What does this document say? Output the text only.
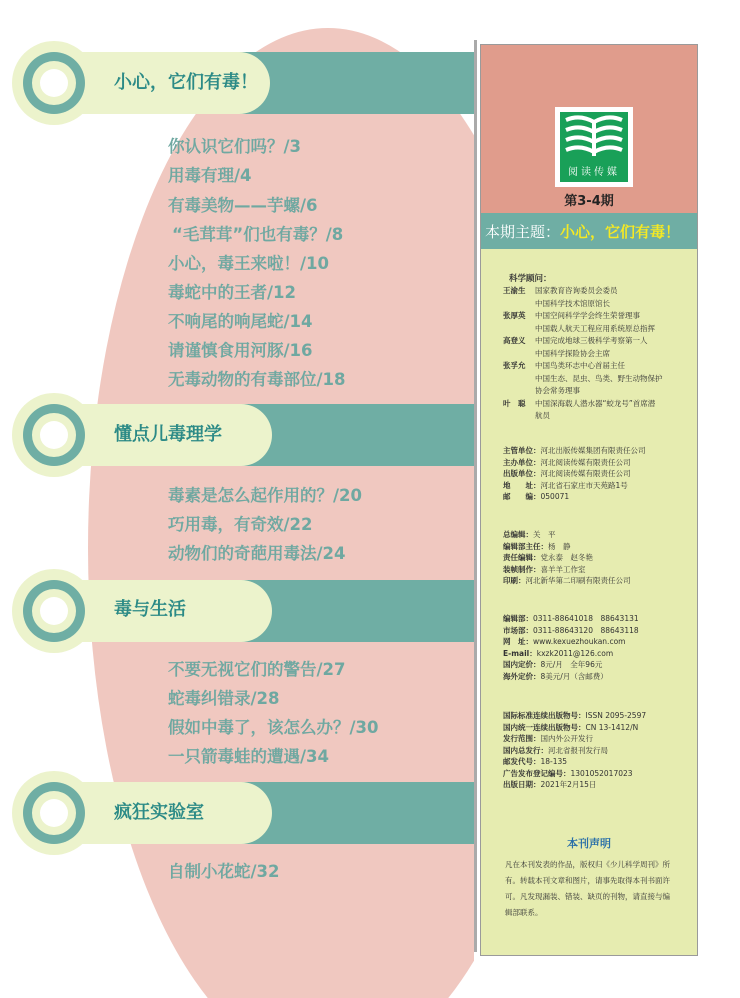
小心，它们有毒！
你认识它们吗？/3
用毒有理/4
有毒美物——芋螺/6
“毛茸茸”们也有毒？/8
小心，毒王来啦！/10
毒蛇中的王者/12
不响尾的响尾蛇/14
请谨慎食用河豚/16
无毒动物的有毒部位/18
懂点儿毒理学
毒素是怎么起作用的？/20
巧用毒，有奇效/22
动物们的奇葩用毒法/24
毒与生活
不要无视它们的警告/27
蛇毒纠错录/28
假如中毒了，该怎么办？/30
一只箭毒蛙的遭遇/34
疯狂实验室
自制小花蛇/32
阅读传媒
第3-4期
本期主题：小心，它们有毒！
科学顾问：
王渝生 国家教育咨询委员会委员
中国科学技术馆原馆长
张厚英 中国空间科学学会终生荣誉理事
中国载人航天工程应用系统原总指挥
高登义 中国完成地球三极科学考察第一人
中国科学探险协会主席
张孚允 中国鸟类环志中心首届主任
中国生态、昆虫、鸟类、野生动物保护
协会常务理事
叶　聪 中国深海载人潜水器“蛟龙号”首席潜
航员
主管单位：河北出版传媒集团有限责任公司
主办单位：河北阅读传媒有限责任公司
出版单位：河北阅读传媒有限责任公司
地　　址：河北省石家庄市天苑路1号
邮　　编：050071
总编辑：关　平
编辑部主任：杨　静
责任编辑：党永泰　赵冬艳
装帧制作：喜羊羊工作室
印刷：河北新华第二印刷有限责任公司
编辑部：0311-88641018　88643131
市场部：0311-88643120　88643118
网　址：www.kexuezhoukan.com
E-mail：kxzk2011@126.com
国内定价：8元/月　全年96元
海外定价：8美元/月（含邮费）
国际标准连续出版物号：ISSN 2095-2597
国内统一连续出版物号：CN 13-1412/N
发行范围：国内外公开发行
国内总发行：河北省报刊发行局
邮发代号：18-135
广告发布登记编号：1301052017023
出版日期：2021年2月15日
本刊声明
凡在本刊发表的作品，版权归《少儿科学周刊》所有。转载本刊文章和图片，请事先取得本刊书面许可。凡发现漏装、错装、缺页的刊物，请直接与编辑部联系。
